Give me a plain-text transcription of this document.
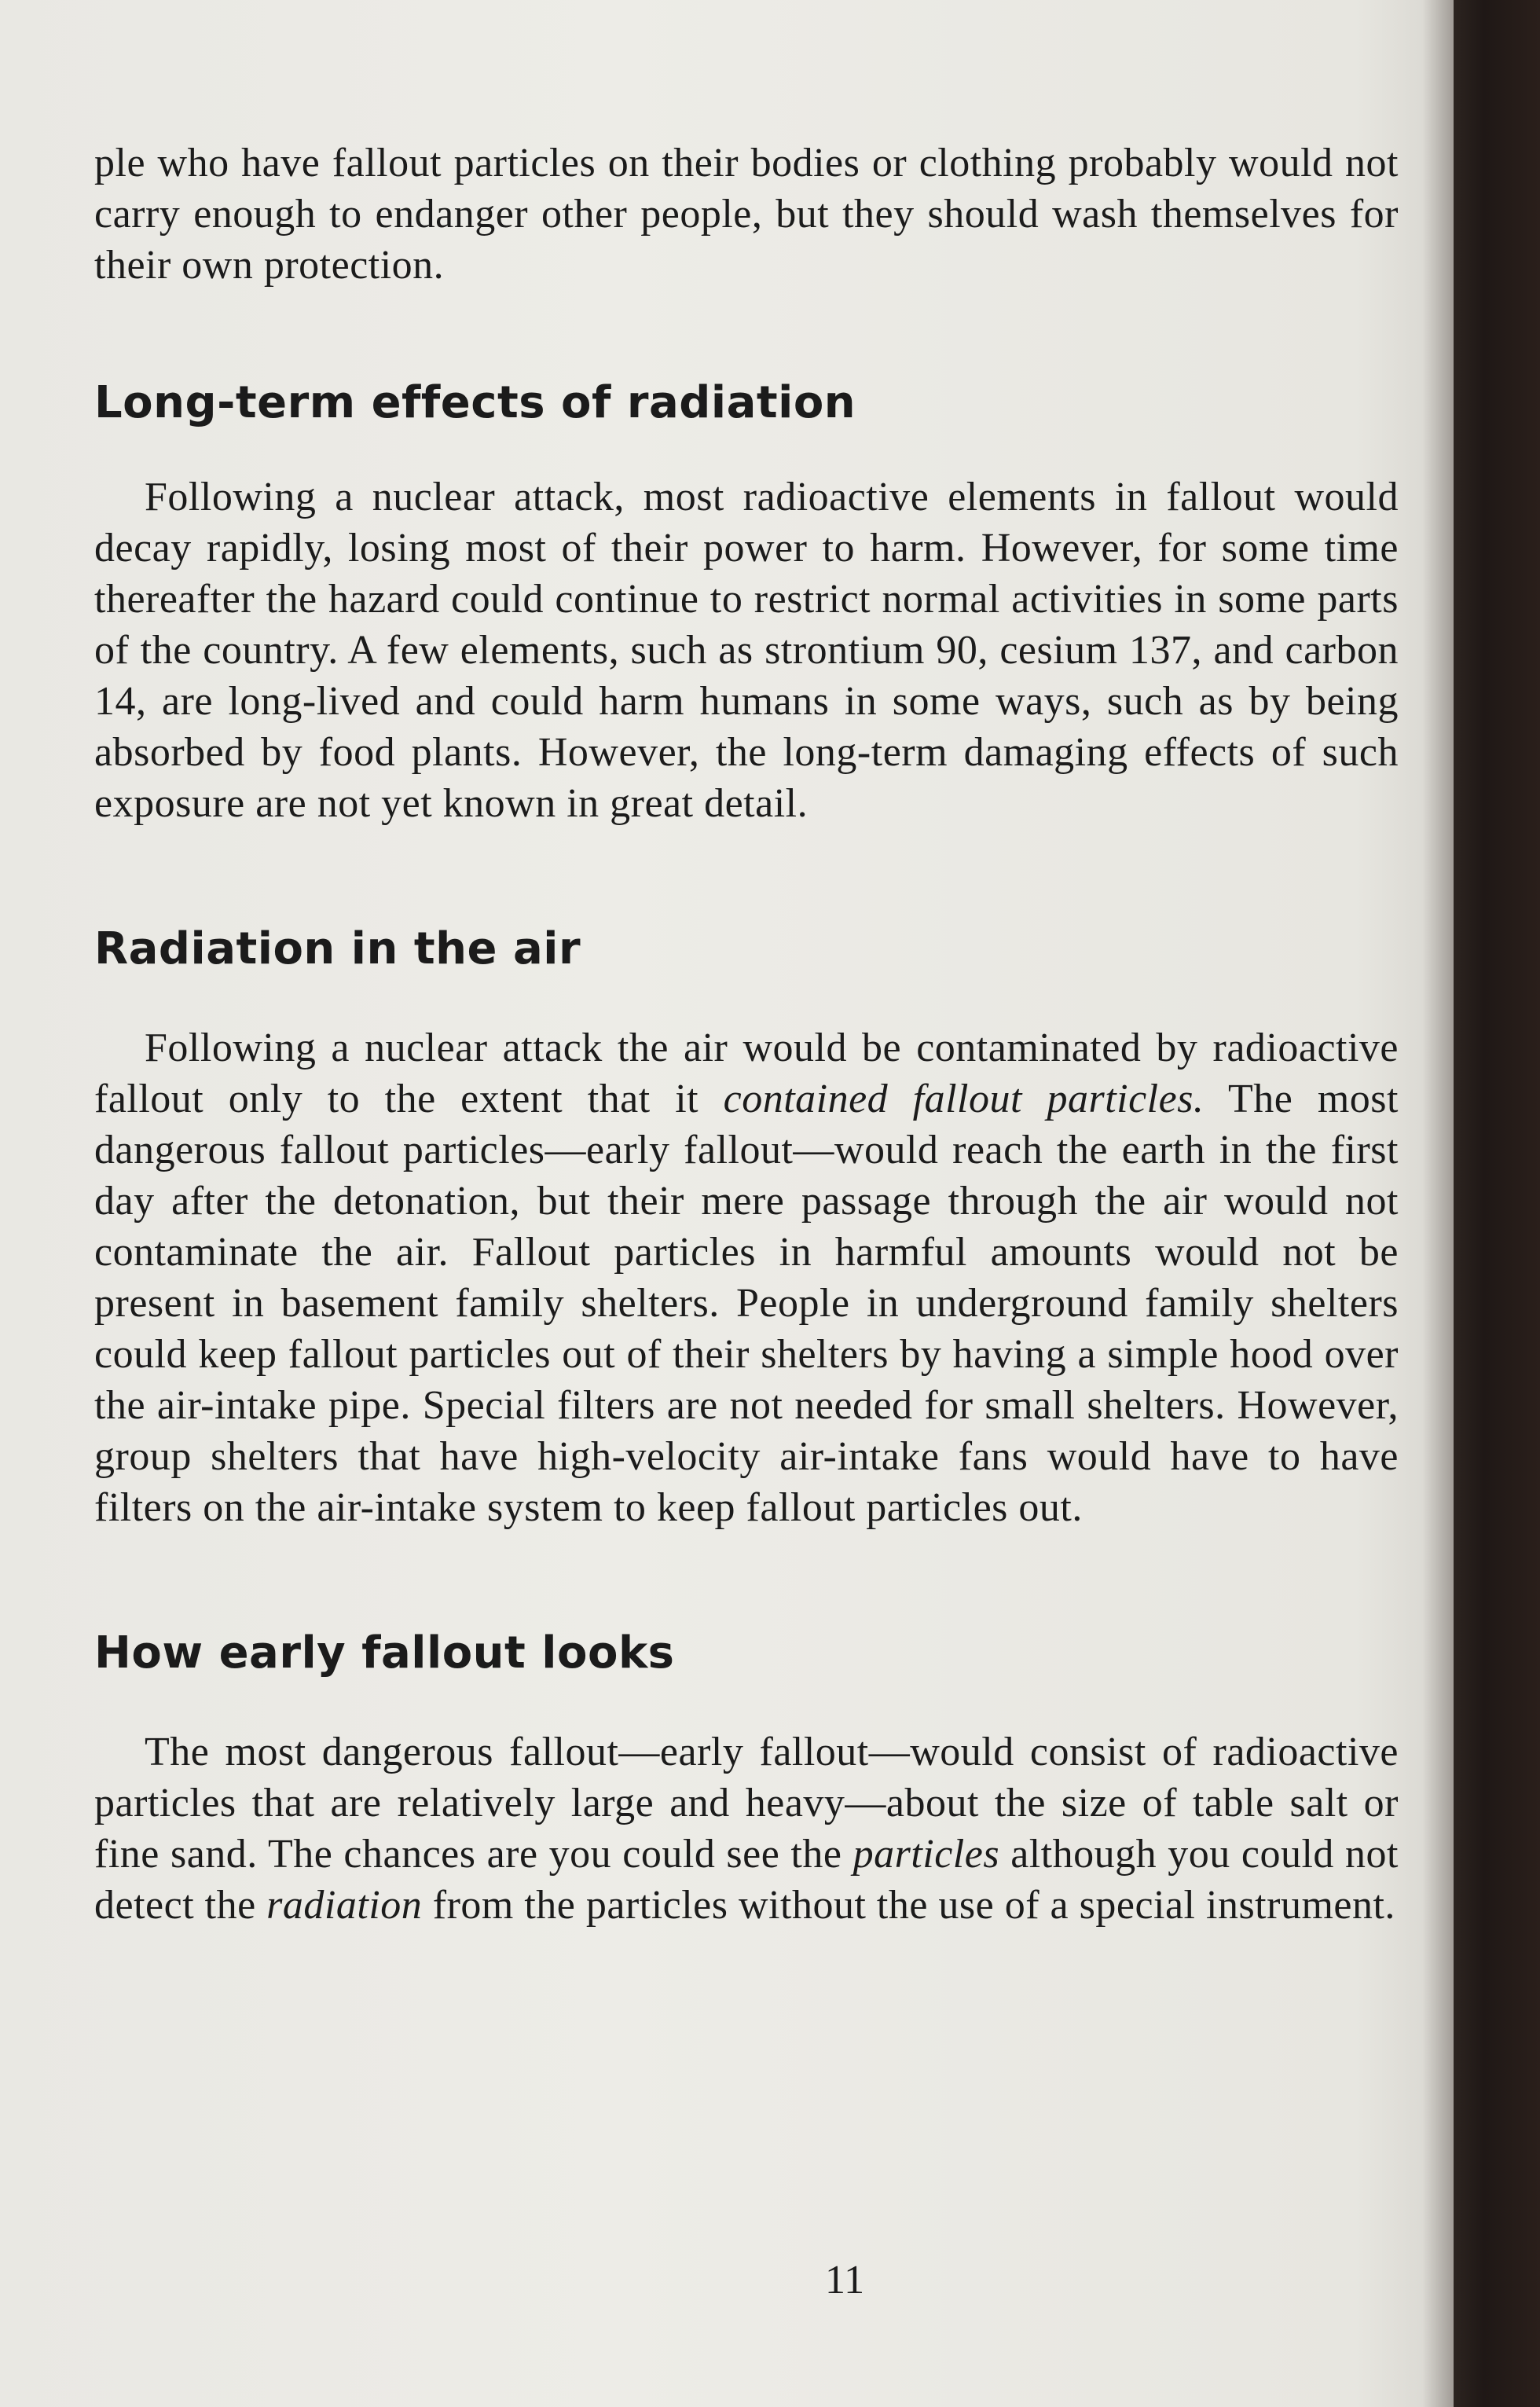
ple who have fallout particles on their bodies or clothing probably would not carry enough to endanger other people, but they should wash themselves for their own protection.

Long-term effects of radiation

Following a nuclear attack, most radioactive elements in fallout would decay rapidly, losing most of their power to harm. However, for some time thereafter the hazard could continue to restrict normal activities in some parts of the country. A few elements, such as strontium 90, cesium 137, and carbon 14, are long-lived and could harm humans in some ways, such as by being absorbed by food plants. However, the long-term damaging effects of such exposure are not yet known in great detail.

Radiation in the air

Following a nuclear attack the air would be contaminated by radioactive fallout only to the extent that it contained fallout particles. The most dangerous fallout particles—early fallout—would reach the earth in the first day after the detonation, but their mere passage through the air would not contaminate the air. Fallout particles in harmful amounts would not be present in basement family shelters. People in underground family shelters could keep fallout particles out of their shelters by having a simple hood over the air-intake pipe. Special filters are not needed for small shelters. However, group shelters that have high-velocity air-intake fans would have to have filters on the air-intake system to keep fallout particles out.

How early fallout looks

The most dangerous fallout—early fallout—would consist of radioactive particles that are relatively large and heavy—about the size of table salt or fine sand. The chances are you could see the particles although you could not detect the radiation from the particles without the use of a special instrument.

11
